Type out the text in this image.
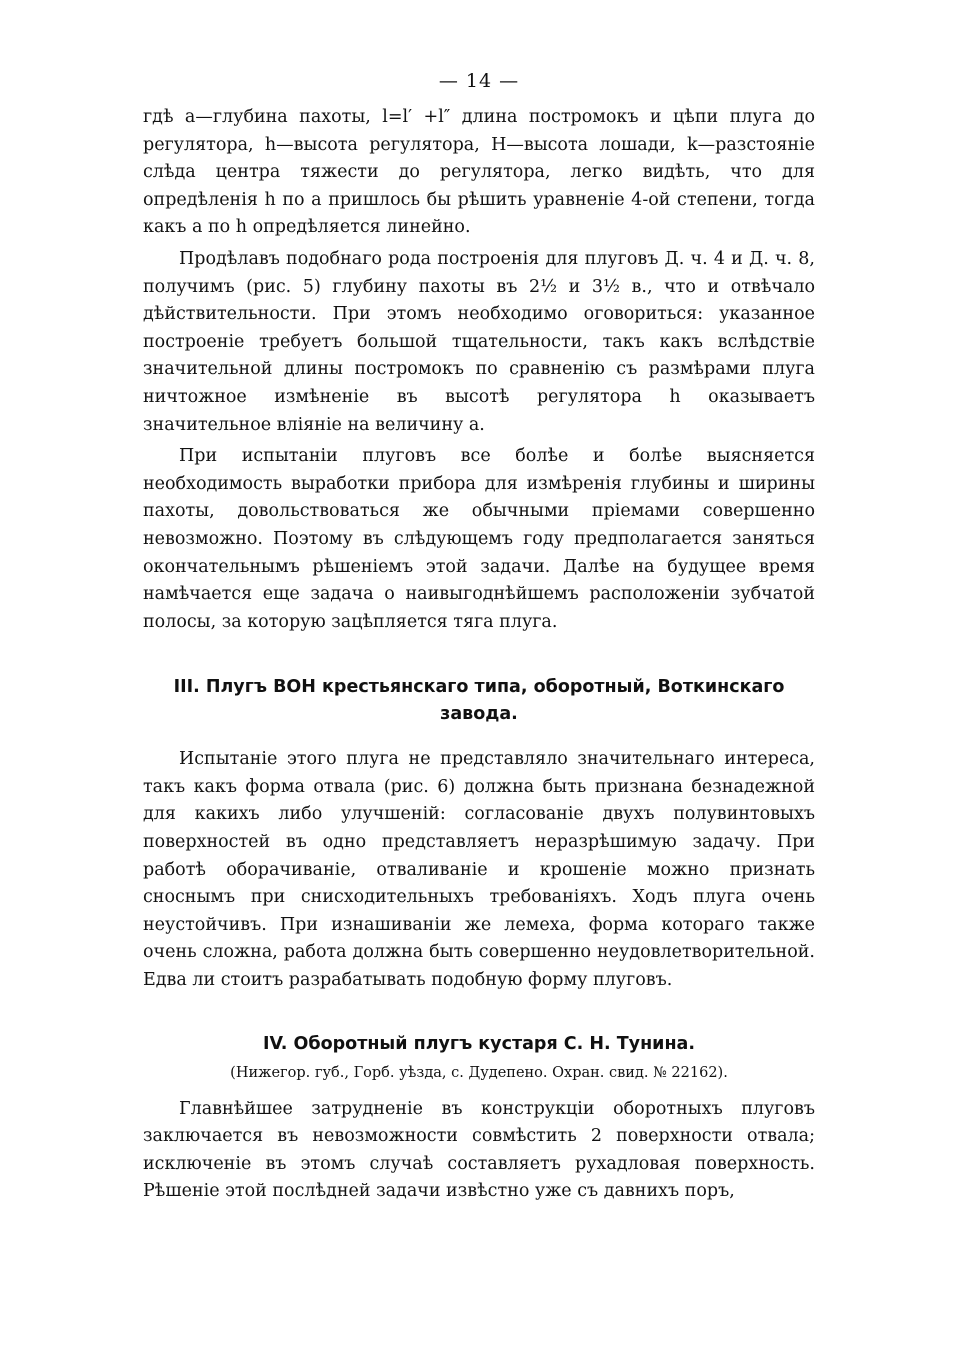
— 14 —

гдѣ a—глубина пахоты, l=l′ +l″ длина постромокъ и цѣпи плуга до регулятора, h—высота регулятора, H—высота лошади, k—разстояніе слѣда центра тяжести до регулятора, легко видѣть, что для опредѣленія h по a пришлось бы рѣшить уравненіе 4-ой степени, тогда какъ a по h опредѣляется линейно.

Продѣлавъ подобнаго рода построенія для плуговъ Д. ч. 4 и Д. ч. 8, получимъ (рис. 5) глубину пахоты въ 2½ и 3½ в., что и отвѣчало дѣйствительности. При этомъ необходимо оговориться: указанное построеніе требуетъ большой тщательности, такъ какъ вслѣдствіе значительной длины постромокъ по сравненію съ размѣрами плуга ничтожное измѣненіе въ высотѣ регулятора h оказываетъ значительное вліяніе на величину a.

При испытаніи плуговъ все болѣе и болѣе выясняется необходимость выработки прибора для измѣренія глубины и ширины пахоты, довольствоваться же обычными пріемами совершенно невозможно. Поэтому въ слѣдующемъ году предполагается заняться окончательнымъ рѣшеніемъ этой задачи. Далѣе на будущее время намѣчается еще задача о наивыгоднѣйшемъ расположеніи зубчатой полосы, за которую зацѣпляется тяга плуга.

III. Плугъ ВОН крестьянскаго типа, оборотный, Воткинскаго завода.

Испытаніе этого плуга не представляло значительнаго интереса, такъ какъ форма отвала (рис. 6) должна быть признана безнадежной для какихъ либо улучшеній: согласованіе двухъ полувинтовыхъ поверхностей въ одно представляетъ неразрѣшимую задачу. При работѣ оборачиваніе, отваливаніе и крошеніе можно признать сноснымъ при снисходительныхъ требованіяхъ. Ходъ плуга очень неустойчивъ. При изнашиваніи же лемеха, форма котораго также очень сложна, работа должна быть совершенно неудовлетворительной. Едва ли стоитъ разрабатывать подобную форму плуговъ.

IV. Оборотный плугъ кустаря С. Н. Тунина.
(Нижегор. губ., Горб. уѣзда, с. Дудепено. Охран. свид. № 22162).

Главнѣйшее затрудненіе въ конструкціи оборотныхъ плуговъ заключается въ невозможности совмѣстить 2 поверхности отвала; исключеніе въ этомъ случаѣ составляетъ рухадловая поверхность. Рѣшеніе этой послѣдней задачи извѣстно уже съ давнихъ поръ,
